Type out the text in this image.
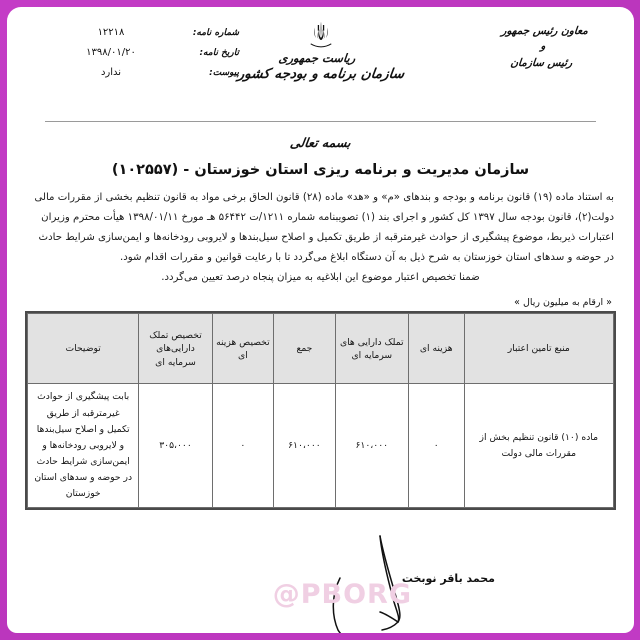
معاون رئیس جمهور
و
رئیس سازمان
ریاست جمهوری
سازمان برنامه و بودجه کشور
شماره نامه:
۱۲۲۱۸
تاریخ نامه:
۱۳۹۸/۰۱/۲۰
پیوست:
ندارد
بسمه تعالی
سازمان مدیریت و برنامه ریزی استان خوزستان - (۱۰۲۵۵۷)

به استناد ماده (۱۹) قانون برنامه و بودجه و بندهای «م» و «هد» ماده (۲۸) قانون الحاق برخی مواد به قانون تنظیم بخشی از مقررات مالی دولت(۲)، قانون بودجه سال ۱۳۹۷ کل کشور و اجرای بند (۱) تصویبنامه شماره ۱۲۱۱/ت ۵۶۴۴۲ هـ مورخ ۱۳۹۸/۰۱/۱۱ هیأت محترم وزیران اعتبارات ذیربط، موضوع پیشگیری از حوادث غیرمترقبه از طریق تکمیل و اصلاح سیل‌بندها و لایروبی رودخانه‌ها و ایمن‌سازی شرایط حادث در حوضه و سدهای استان خوزستان به شرح ذیل به آن دستگاه ابلاغ می‌گردد تا با رعایت قوانین و مقررات اقدام شود.

ضمنا تخصیص اعتبار موضوع این ابلاغیه به میزان پنجاه درصد تعیین می‌گردد.

« ارقام به میلیون ریال »
منبع تامین اعتبار	هزینه ای	تملک دارایی های سرمایه ای	جمع	تخصیص هزینه ای	تخصیص تملک دارایی‌های سرمایه ای	توضیحات
ماده (۱۰) قانون تنظیم بخش از مقررات مالی دولت	۰	۶۱۰،۰۰۰	۶۱۰،۰۰۰	۰	۳۰۵،۰۰۰	بابت پیشگیری از حوادث غیرمترقبه از طریق تکمیل و اصلاح سیل‌بندها و لایروبی رودخانه‌ها و ایمن‌سازی شرایط حادث در حوضه و سدهای استان خوزستان
@PBORG
محمد باقر نوبخت
